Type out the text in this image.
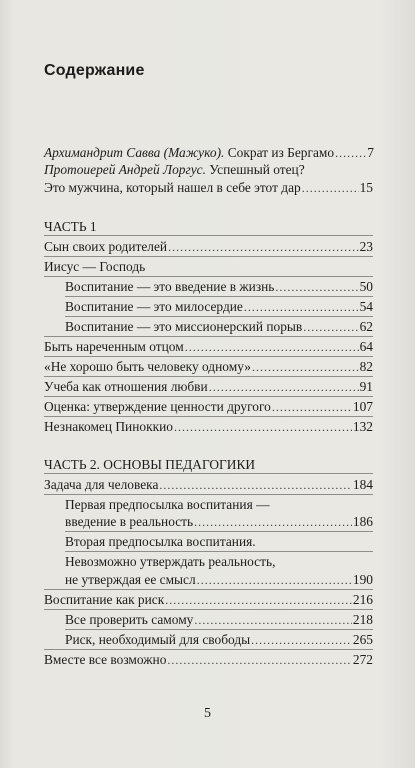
Содержание
Архимандрит Савва (Мажуко). Сократ из Бергамо ..... 7
Протоиерей Андрей Лоргус. Успешный отец?
Это мужчина, который нашел в себе этот дар .....	15
ЧАСТЬ 1
Сын своих родителей .....	23
Иисус — Господь
Воспитание — это введение в жизнь .....	50
Воспитание — это милосердие .....	54
Воспитание — это миссионерский порыв .....	62
Быть нареченным отцом .....	64
«Не хорошо быть человеку одному» .....	82
Учеба как отношения любви .....	91
Оценка: утверждение ценности другого .....	107
Незнакомец Пиноккио .....	132
ЧАСТЬ 2. ОСНОВЫ ПЕДАГОГИКИ
Задача для человека .....	184
Первая предпосылка воспитания —
введение в реальность .....	186
Вторая предпосылка воспитания.
Невозможно утверждать реальность,
не утверждая ее смысл .....	190
Воспитание как риск .....	216
Все проверить самому .....	218
Риск, необходимый для свободы .....	265
Вместе все возможно .....	272
5
